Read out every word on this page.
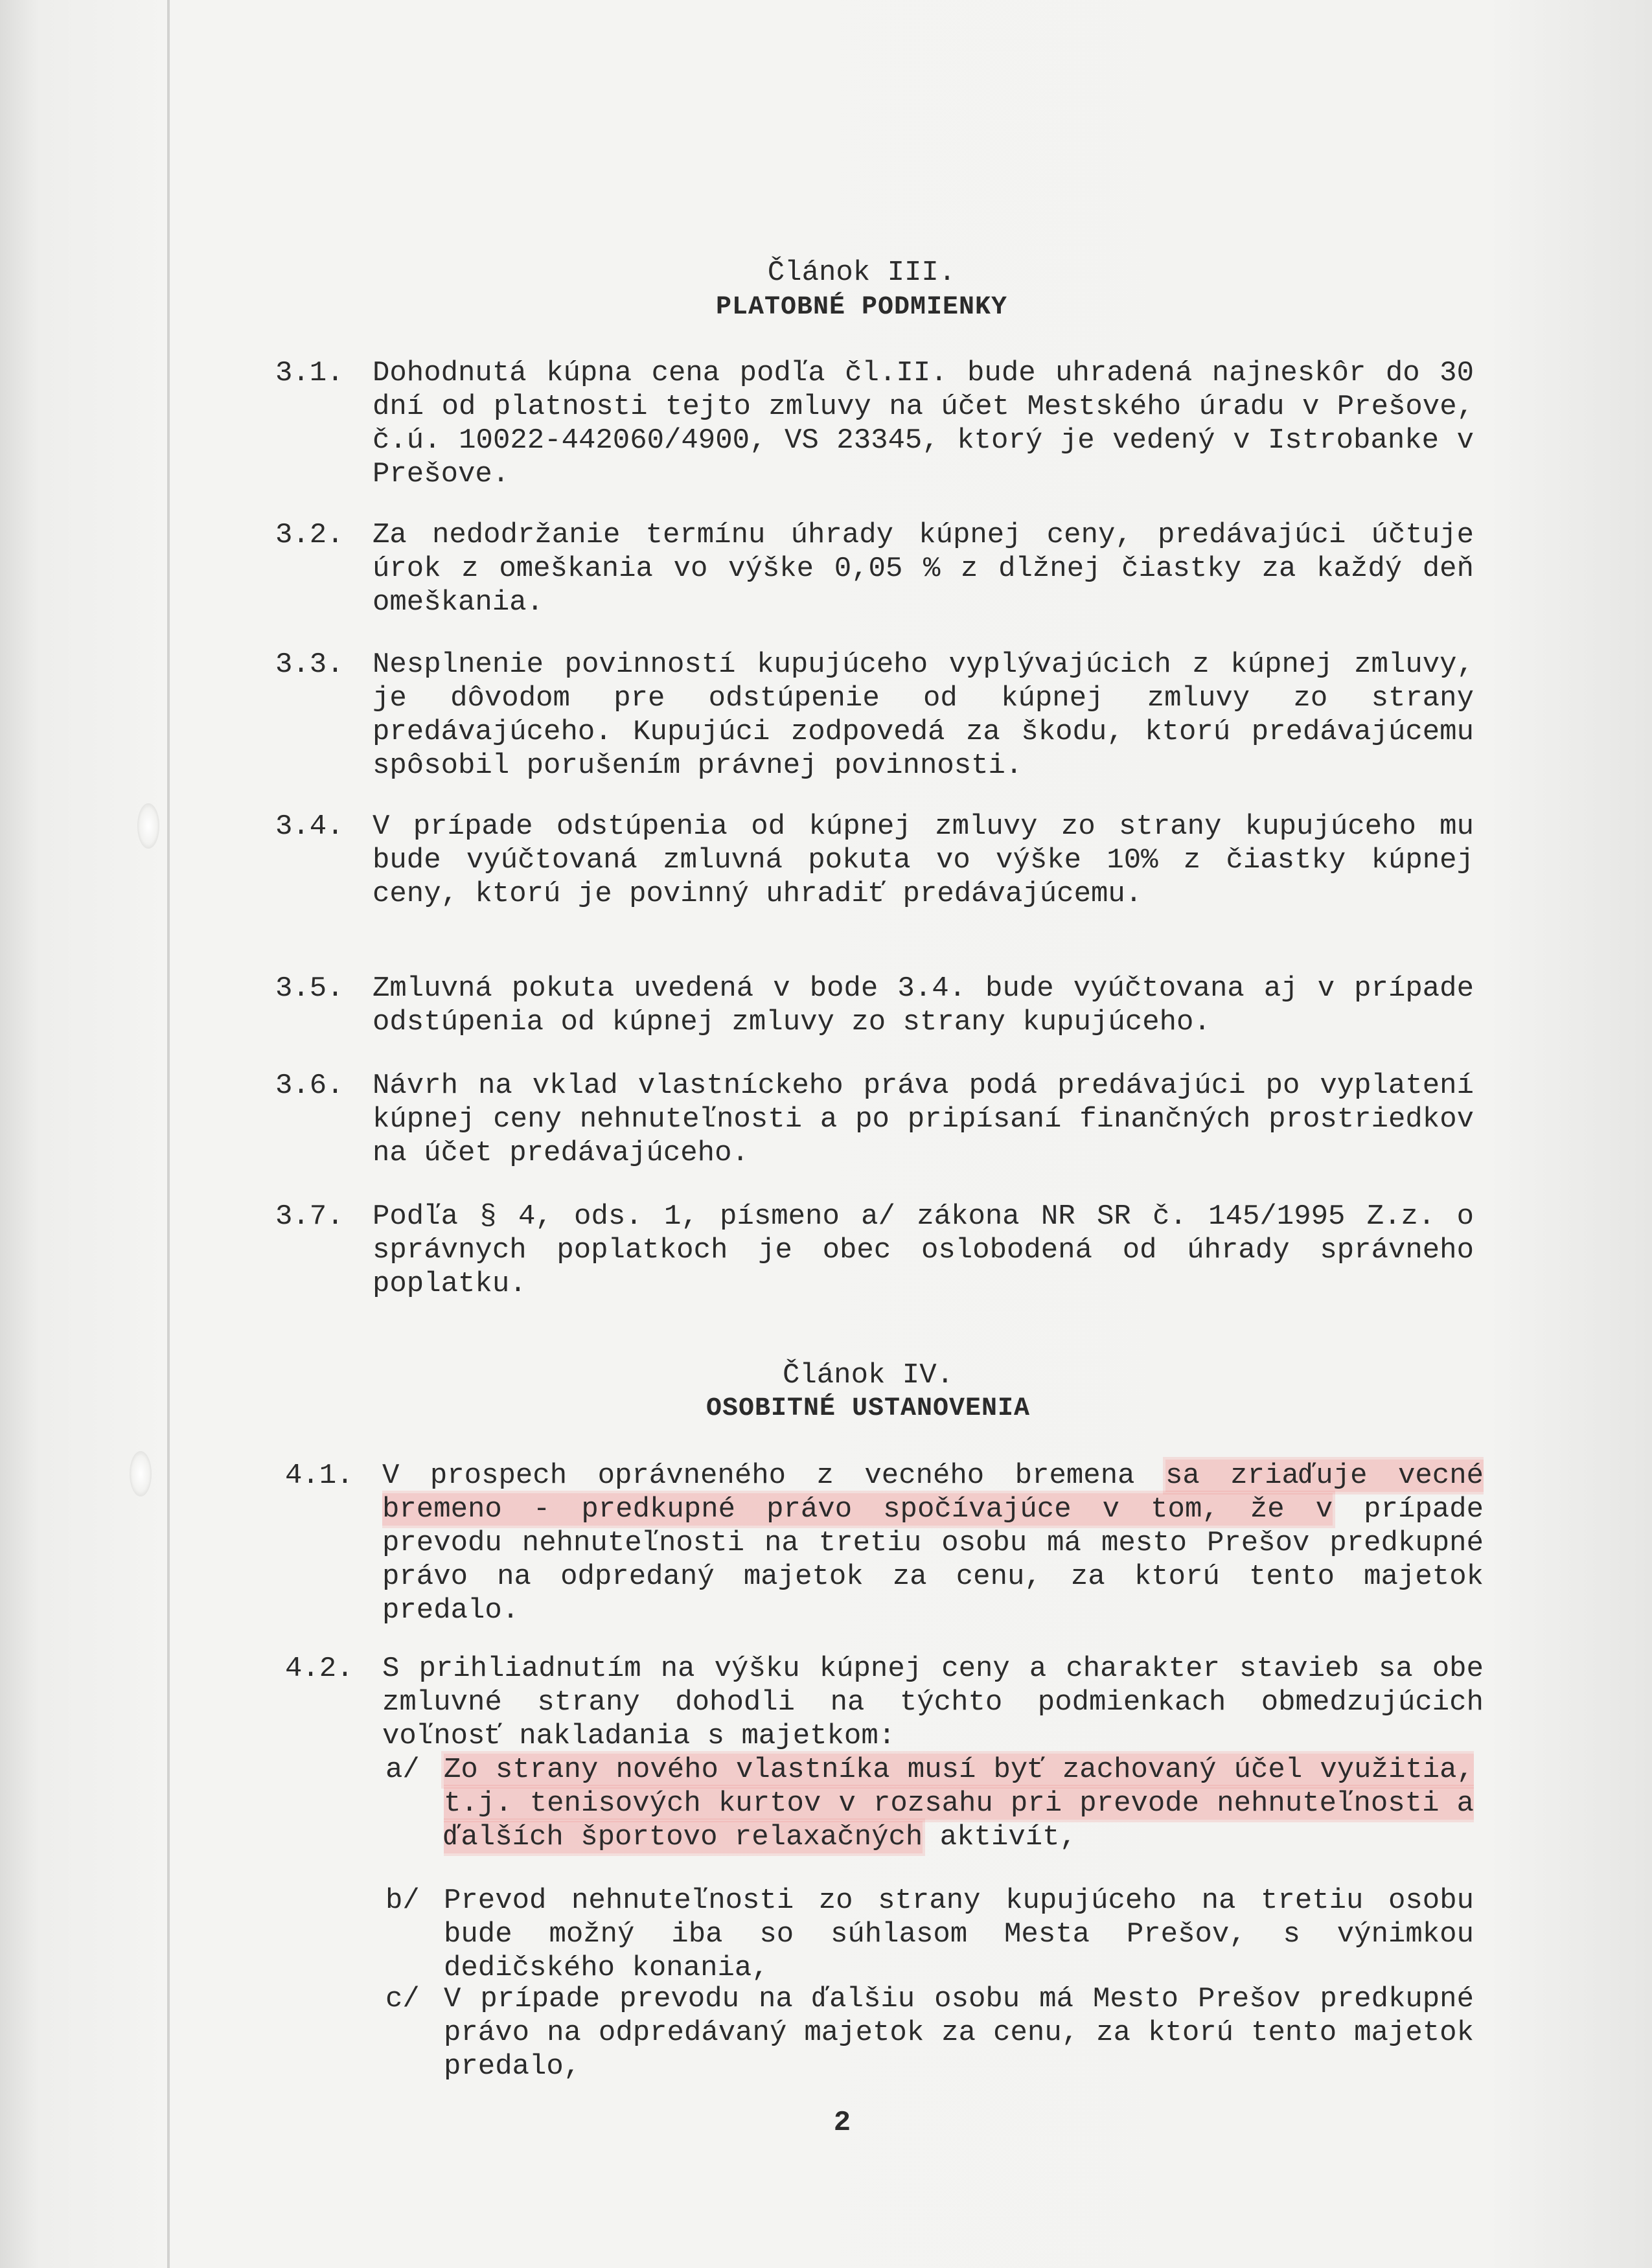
Článok III.
PLATOBNÉ PODMIENKY
3.1.	Dohodnutá kúpna cena podľa čl.II. bude uhradená najneskôr do 30 dní od platnosti tejto zmluvy na účet Mestského úradu v Prešove, č.ú. 10022-442060/4900, VS 23345, ktorý je vedený v Istrobanke v Prešove.

3.2.	Za nedodržanie termínu úhrady kúpnej ceny, predávajúci účtuje úrok z omeškania vo výške 0,05 % z dlžnej čiastky za každý deň omeškania.

3.3.	Nesplnenie povinností kupujúceho vyplývajúcich z kúpnej zmluvy, je dôvodom pre odstúpenie od kúpnej zmluvy zo strany predávajúceho. Kupujúci zodpovedá za škodu, ktorú predávajúcemu spôsobil porušením právnej povinnosti.

3.4.	V prípade odstúpenia od kúpnej zmluvy zo strany kupujúceho mu bude vyúčtovaná zmluvná pokuta vo výške 10% z čiastky kúpnej ceny, ktorú je povinný uhradiť predávajúcemu.

3.5.	Zmluvná pokuta uvedená v bode 3.4. bude vyúčtovana aj v prípade odstúpenia od kúpnej zmluvy zo strany kupujúceho.

3.6.	Návrh na vklad vlastníckeho práva podá predávajúci po vyplatení kúpnej ceny nehnuteľnosti a po pripísaní finančných prostriedkov na účet predávajúceho.

3.7.	Podľa § 4, ods. 1, písmeno a/ zákona NR SR č. 145/1995 Z.z. o správnych poplatkoch je obec oslobodená od úhrady správneho poplatku.

Článok IV.
OSOBITNÉ USTANOVENIA
4.1.	V prospech oprávneného z vecného bremena sa zriaďuje vecné bremeno - predkupné právo spočívajúce v tom, že v prípade prevodu nehnuteľnosti na tretiu osobu má mesto Prešov predkupné právo na odpredaný majetok za cenu, za ktorú tento majetok predalo.

4.2.	S prihliadnutím na výšku kúpnej ceny a charakter stavieb sa obe zmluvné strany dohodli na týchto podmienkach obmedzujúcich voľnosť nakladania s majetkom:

a/ Zo strany nového vlastníka musí byť zachovaný účel využitia, t.j. tenisových kurtov v rozsahu pri prevode nehnuteľnosti a ďalších športovo relaxačných aktivít,

b/ Prevod nehnuteľnosti zo strany kupujúceho na tretiu osobu bude možný iba so súhlasom Mesta Prešov, s výnimkou dedičského konania,

c/ V prípade prevodu na ďalšiu osobu má Mesto Prešov predkupné právo na odpredávaný majetok za cenu, za ktorú tento majetok predalo,

2
